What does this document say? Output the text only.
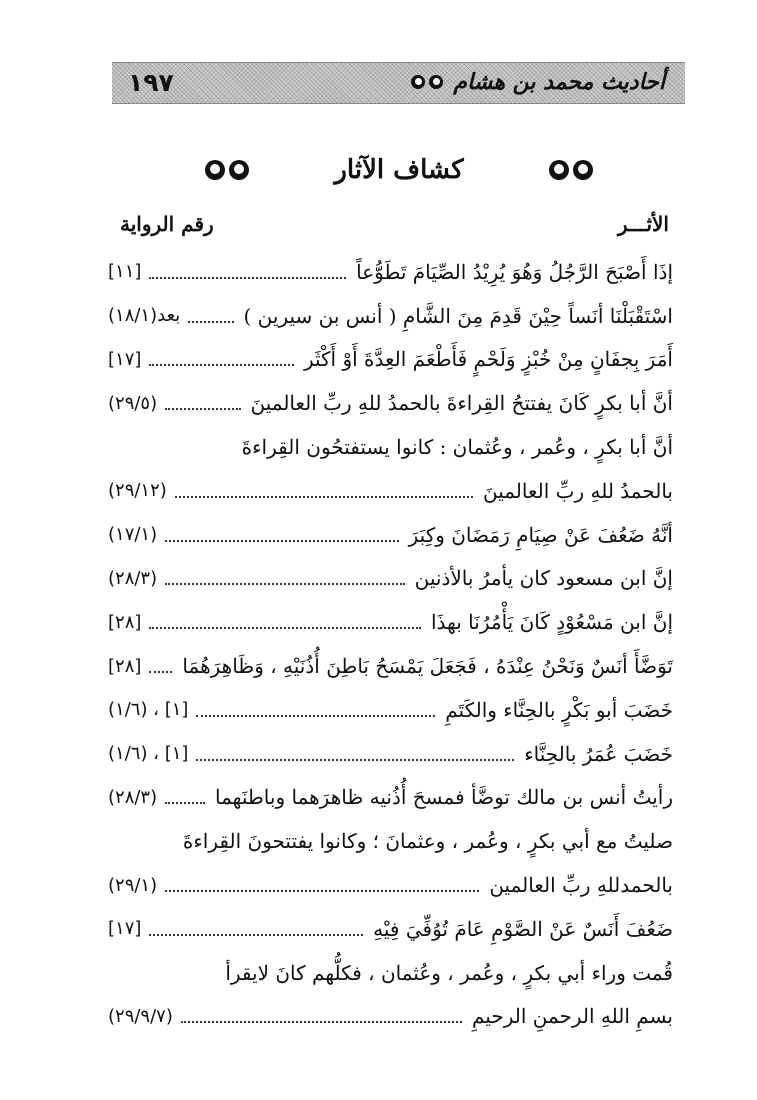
١٩٧	أحاديث محمد بن هشام
كشاف الآثار
الأثـــر
رقم الرواية
إذَا أَصْبَحَ الرَّجُلُ وَهُوَ يُرِيْدُ الصِّيَامَ تَطَوُّعاً
[١١]
اسْتَقْبَلْنَا أنَساً حِيْنَ قَدِمَ مِنَ الشَّامِ ( أنس بن سيرين )
بعد(١٨/١)
أَمَرَ بِجفَانٍ مِنْ خُبْزٍ وَلَحْمٍ فَأَطْعَمَ العِدَّةَ أَوْ أَكْثَر
[١٧]
أنَّ أبا بكرٍ كَانَ يفتتحُ القِراءةَ بالحمدُ للهِ ربِّ العالمينَ
(٢٩/٥)
أنَّ أبا بكرٍ ، وعُمر ، وعُثمان : كانوا يستفتحُون القِراءةَ
بالحمدُ للهِ ربِّ العالمينَ
(٢٩/١٢)
أنَّهُ ضَعُفَ عَنْ صِيَامِ رَمَضَانَ وكِبَرَ
(١٧/١)
إنَّ ابن مسعود كان يأمرُ بالأذنين
(٢٨/٣)
إنَّ ابن مَسْعُوْدٍ كَانَ يَأْمُرُنَا بهذَا
[٢٨]
تَوَضَّأَ أنَسٌ وَنَحْنُ عِنْدَهُ ، فَجَعَلَ يَمْسَحُ بَاطِنَ أُذُنَيْهِ ، وَظَاهِرَهُمَا
[٢٨]
خَضَبَ أبو بَكْرٍ بالحِنَّاء والكَتَمِ
[١] ، (١/٦)
خَضَبَ عُمَرُ بالحِنَّاء
[١] ، (١/٦)
رأيتُ أنس بن مالك توضَّأ فمسحَ أُذُنيه ظاهرَهما وباطنَهما
(٢٨/٣)
صليتُ مع أبي بكرٍ ، وعُمر ، وعثمانَ ؛ وكانوا يفتتحونَ القِراءةَ
بالحمدللهِ ربِّ العالمين
(٢٩/١)
ضَعُفَ أَنَسٌ عَنْ الصَّوْمِ عَامَ تُوُفِّيَ فِيْهِ
[١٧]
قُمت وراء أبي بكرٍ ، وعُمر ، وعُثمان ، فكلُّهم كانَ لايقرأ
بسمِ اللهِ الرحمنِ الرحيمِ
(٢٩/٩/٧)
